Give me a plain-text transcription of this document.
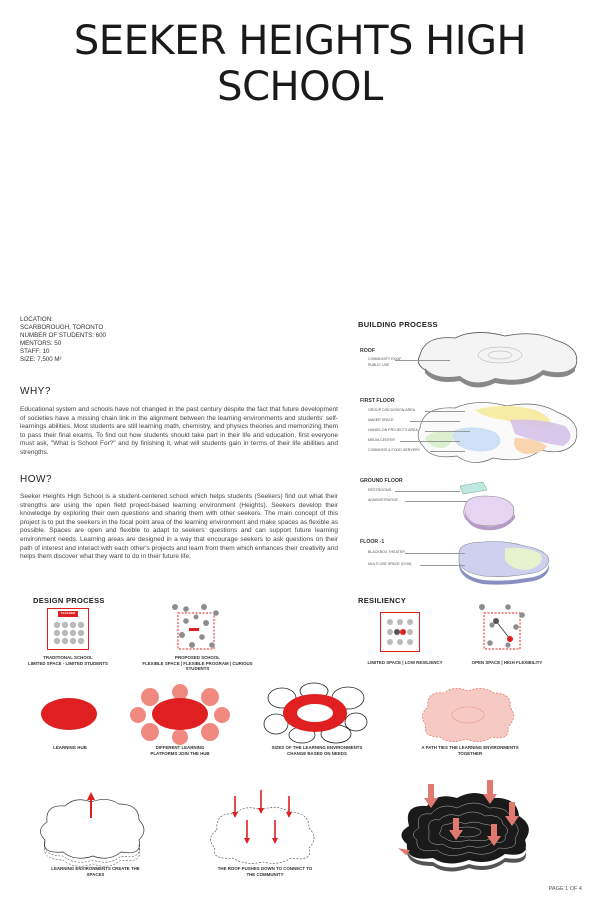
SEEKER HEIGHTS HIGH SCHOOL
LOCATION:
SCARBOROUGH, TORONTO
NUMBER OF STUDENTS: 600
MENTORS: 50
STAFF: 10
SIZE: 7,500 M²
WHY?
Educational system and schools have not changed in the past century despite the fact that future development of societies have a missing chain link in the alignment between the learning environments and students' self-learnings abilities. Most students are still learning math, chemistry, and physics theories and memorizing them to pass their final exams. To find out how students should take part in their life and education, first everyone must ask, "What is School For?" and by finishing it, what will students gain in terms of their life abilities and strengths.
HOW?
Seeker Heights High School is a student-centered school which helps students (Seekers) find out what their strengths are using the open field project-based learning environment (Heights). Seekers develop their knowledge by exploring their own questions and sharing them with other seekers. The main concept of this project is to put the seekers in the focal point area of the learning environment and make spaces as flexible as possible. Spaces are open and flexible to adapt to seekers' questions and can support future learning environment needs. Learning areas are designed in a way that encourage seekers to ask questions on their path of interest and interact with each other's projects and learn from them which enhances their creativity and helps them discover what they want to do in their future life.
BUILDING PROCESS
ROOF
COMMUNITY ROOF
PUBLIC USE
FIRST FLOOR
GROUP DISCUSSION AREA
MAKER SPACE
HANDS-ON PROJECTS AREA
MEDIA CENTER
COMMONS & FOOD SERVERY
GROUND FLOOR
RESTROOMS
ADMINISTRATIVE
FLOOR -1
BLACKBOX THEATER
MULTI USE SPACE (GYM)
DESIGN PROCESS
TEACHER
TRADITIONAL SCHOOL
LIMITED SPACE - LIMITED STUDENTS
PROPOSED SCHOOL
FLEXIBLE SPACE | FLEXIBLE PROGRAM | CURIOUS STUDENTS
LEARNING HUB	DIFFERENT LEARNING
PLATFORMS JOIN THE HUB
SIZES OF THE LEARNING ENVIRONMENTS
CHANGE BASED ON NEEDS
A PATH TIES THE LEARNING ENVIRONMENTS
TOGETHER
LEARNING ENVIRONMENTS CREATE THE
SPACES
THE ROOF PUSHES DOWN TO CONNECT TO
THE COMMUNITY
RESILIENCY
LIMITED SPACE | LOW RESILIENCY	OPEN SPACE | HIGH FLEXIBILITY
PAGE 1 OF 4
